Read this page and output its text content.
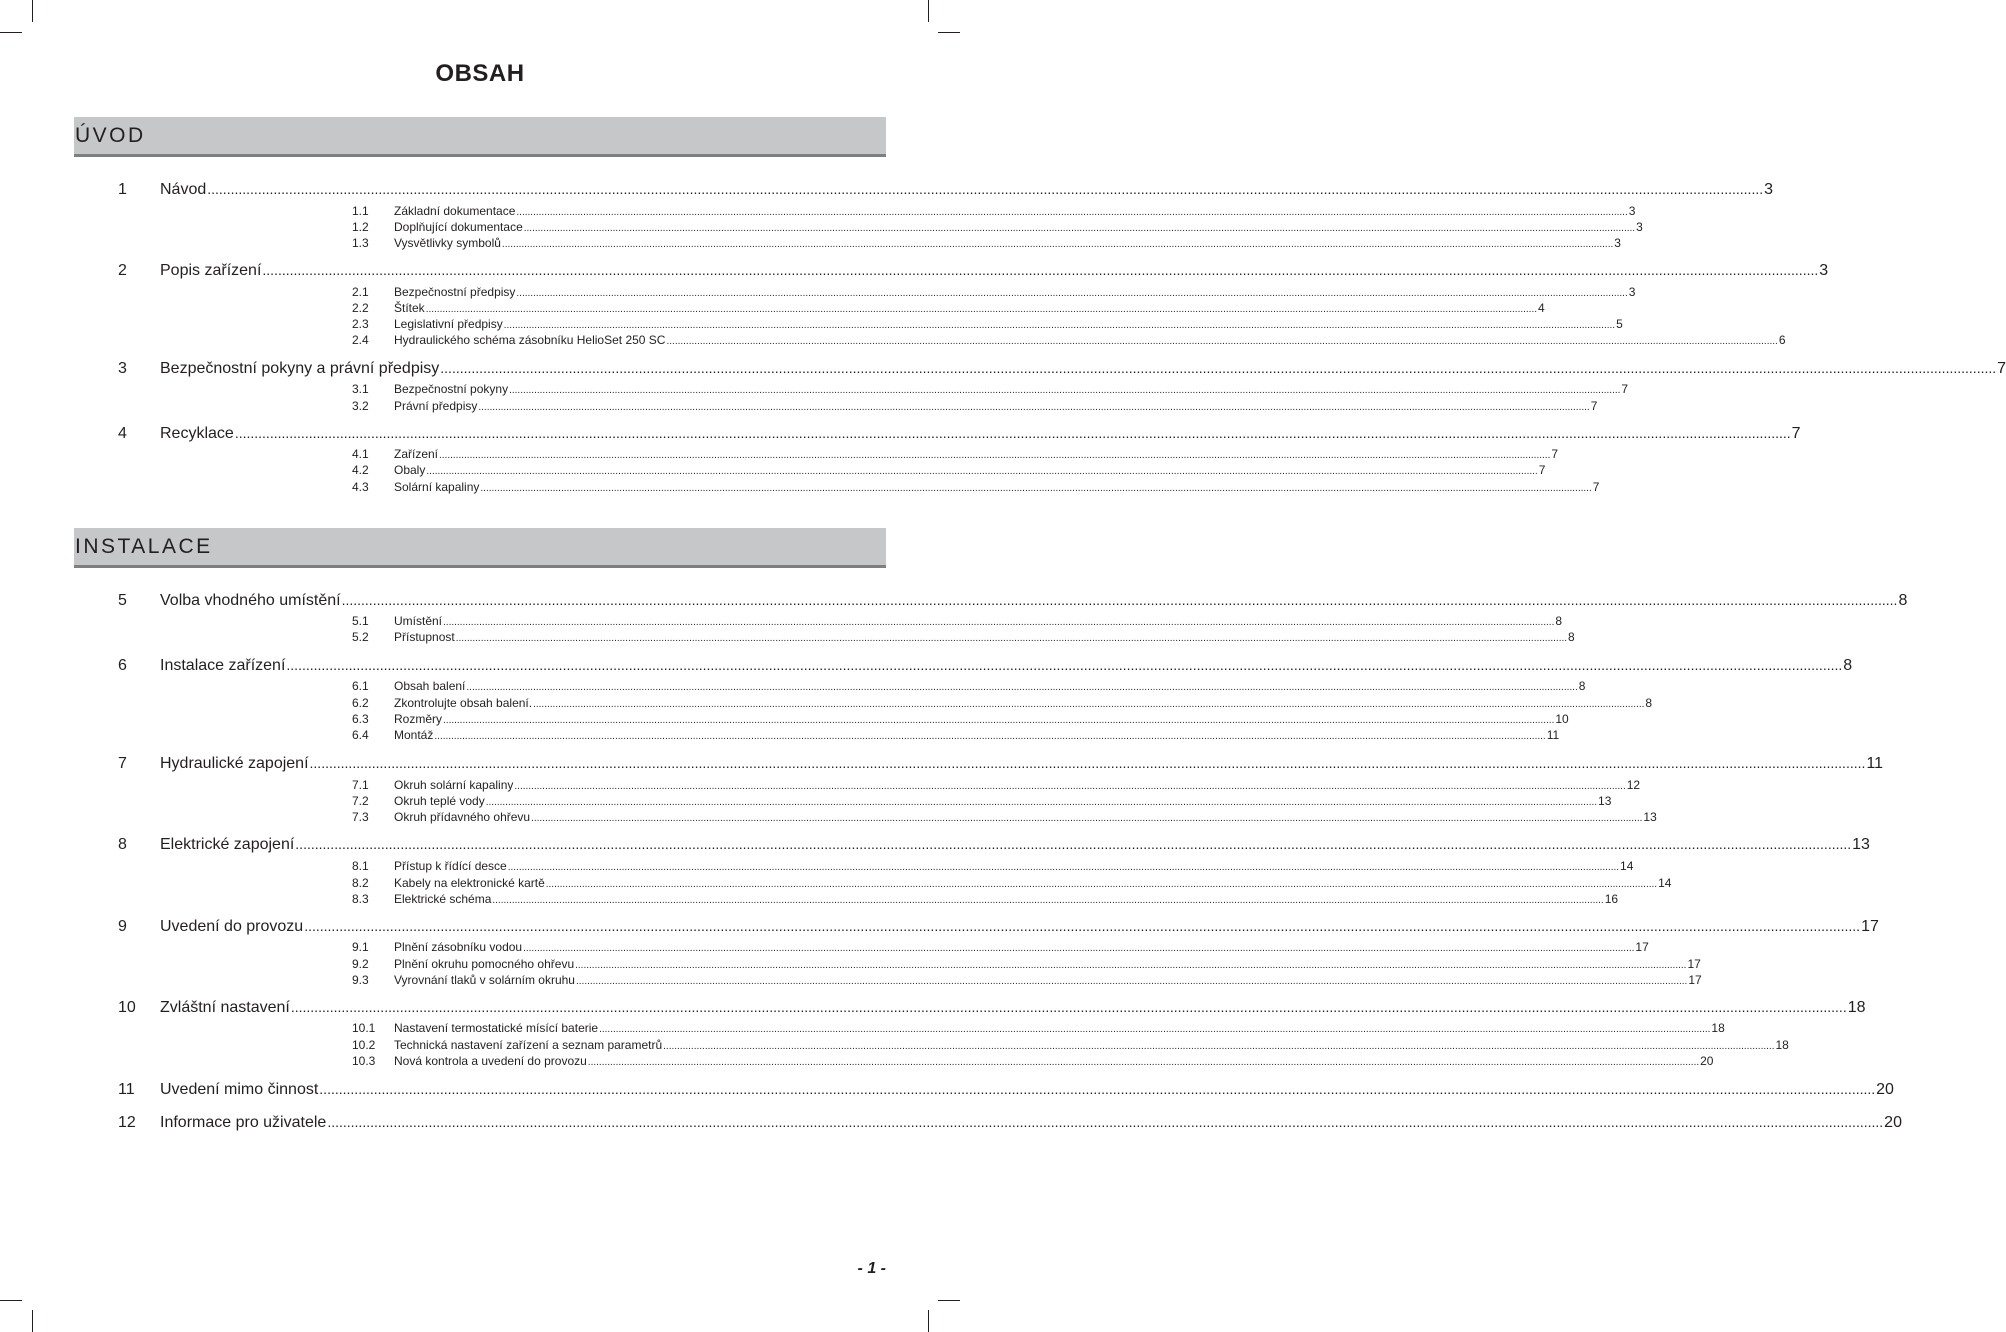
OBSAH
ÚVOD
1	Návod ................................................................................................................................................................................................................................................................................................................................................................................................................ 3
1.1	Základní dokumentace ................................................................................................................................................................................................................................................................................................................................................................................................................ 3
1.2	Doplňující dokumentace ................................................................................................................................................................................................................................................................................................................................................................................................................ 3
1.3	Vysvětlivky symbolů ................................................................................................................................................................................................................................................................................................................................................................................................................ 3
2	Popis zařízení ................................................................................................................................................................................................................................................................................................................................................................................................................ 3
2.1	Bezpečnostní předpisy ................................................................................................................................................................................................................................................................................................................................................................................................................ 3
2.2	Štítek ................................................................................................................................................................................................................................................................................................................................................................................................................ 4
2.3	Legislativní předpisy ................................................................................................................................................................................................................................................................................................................................................................................................................ 5
2.4	Hydraulického schéma zásobníku HelioSet 250 SC ................................................................................................................................................................................................................................................................................................................................................................................................................ 6
3	Bezpečnostní pokyny a právní předpisy ................................................................................................................................................................................................................................................................................................................................................................................................................ 7
3.1	Bezpečnostní pokyny ................................................................................................................................................................................................................................................................................................................................................................................................................ 7
3.2	Právní předpisy ................................................................................................................................................................................................................................................................................................................................................................................................................ 7
4	Recyklace ................................................................................................................................................................................................................................................................................................................................................................................................................ 7
4.1	Zařízení ................................................................................................................................................................................................................................................................................................................................................................................................................ 7
4.2	Obaly ................................................................................................................................................................................................................................................................................................................................................................................................................ 7
4.3	Solární kapaliny ................................................................................................................................................................................................................................................................................................................................................................................................................ 7
INSTALACE
5	Volba vhodného umístění ................................................................................................................................................................................................................................................................................................................................................................................................................ 8
5.1	Umístění ................................................................................................................................................................................................................................................................................................................................................................................................................ 8
5.2	Přístupnost ................................................................................................................................................................................................................................................................................................................................................................................................................ 8
6	Instalace zařízení ................................................................................................................................................................................................................................................................................................................................................................................................................ 8
6.1	Obsah balení ................................................................................................................................................................................................................................................................................................................................................................................................................ 8
6.2	Zkontrolujte obsah balení. ................................................................................................................................................................................................................................................................................................................................................................................................................ 8
6.3	Rozměry ................................................................................................................................................................................................................................................................................................................................................................................................................ 10
6.4	Montáž ................................................................................................................................................................................................................................................................................................................................................................................................................ 11
7	Hydraulické zapojení ................................................................................................................................................................................................................................................................................................................................................................................................................ 11
7.1	Okruh solární kapaliny ................................................................................................................................................................................................................................................................................................................................................................................................................ 12
7.2	Okruh teplé vody ................................................................................................................................................................................................................................................................................................................................................................................................................ 13
7.3	Okruh přídavného ohřevu ................................................................................................................................................................................................................................................................................................................................................................................................................ 13
8	Elektrické zapojení ................................................................................................................................................................................................................................................................................................................................................................................................................ 13
8.1	Přístup k řídící desce ................................................................................................................................................................................................................................................................................................................................................................................................................ 14
8.2	Kabely na elektronické kartě ................................................................................................................................................................................................................................................................................................................................................................................................................ 14
8.3	Elektrické schéma ................................................................................................................................................................................................................................................................................................................................................................................................................ 16
9	Uvedení do provozu ................................................................................................................................................................................................................................................................................................................................................................................................................ 17
9.1	Plnění zásobníku vodou ................................................................................................................................................................................................................................................................................................................................................................................................................ 17
9.2	Plnění okruhu pomocného ohřevu ................................................................................................................................................................................................................................................................................................................................................................................................................ 17
9.3	Vyrovnání tlaků v solárním okruhu ................................................................................................................................................................................................................................................................................................................................................................................................................ 17
10	Zvláštní nastavení ................................................................................................................................................................................................................................................................................................................................................................................................................ 18
10.1	Nastavení termostatické mísící baterie ................................................................................................................................................................................................................................................................................................................................................................................................................ 18
10.2	Technická nastavení zařízení a seznam parametrů ................................................................................................................................................................................................................................................................................................................................................................................................................ 18
10.3	Nová kontrola a uvedení do provozu ................................................................................................................................................................................................................................................................................................................................................................................................................ 20
11	Uvedení mimo činnost ................................................................................................................................................................................................................................................................................................................................................................................................................ 20
12	Informace pro uživatele ................................................................................................................................................................................................................................................................................................................................................................................................................ 20
- 1 -
